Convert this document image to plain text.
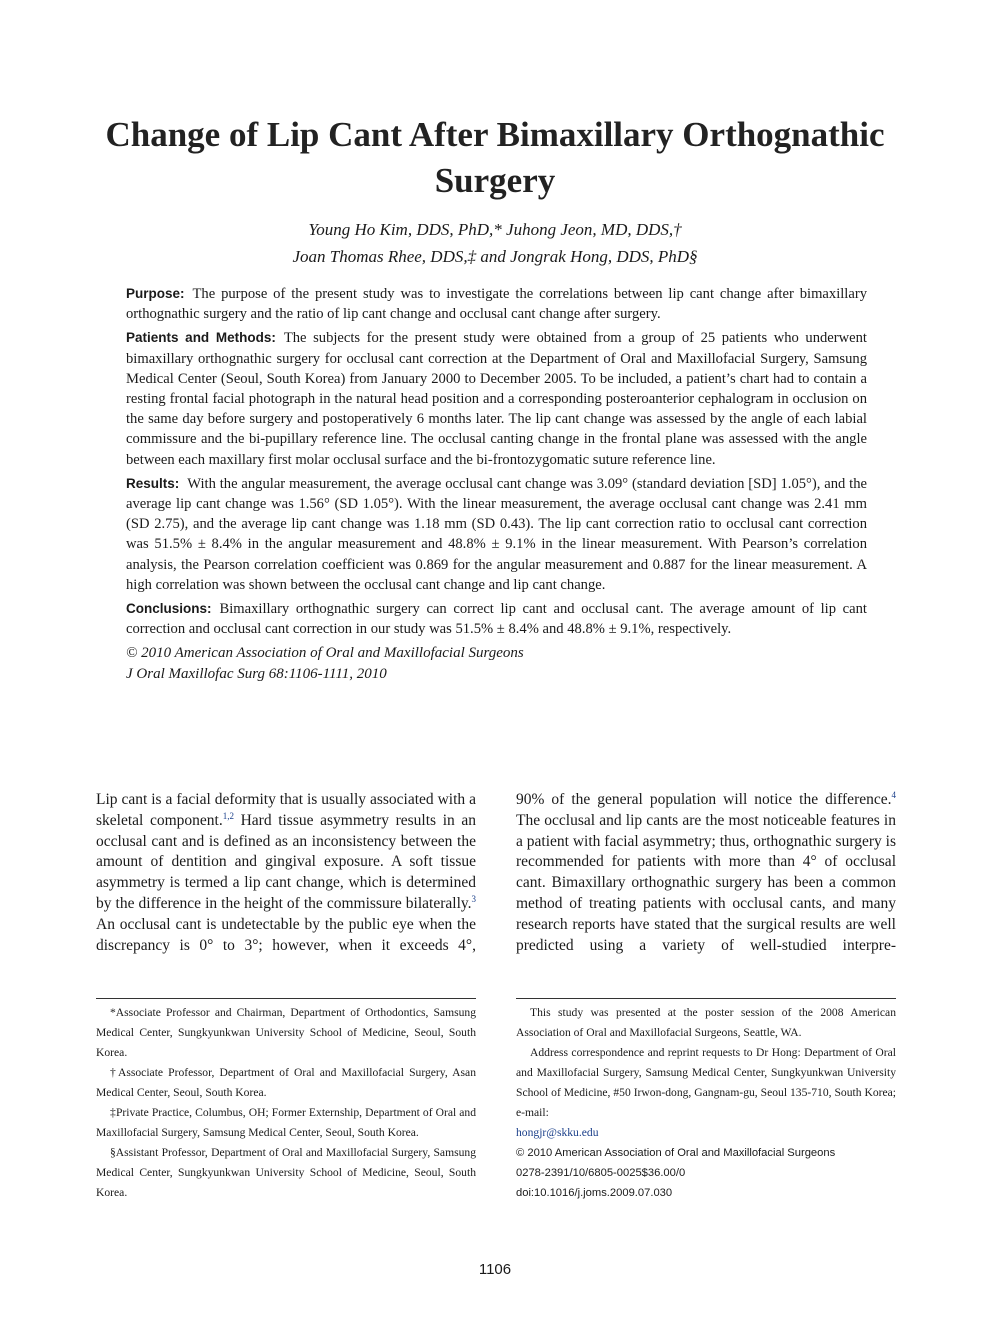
Change of Lip Cant After Bimaxillary Orthognathic Surgery
Young Ho Kim, DDS, PhD,* Juhong Jeon, MD, DDS,†
Joan Thomas Rhee, DDS,‡ and Jongrak Hong, DDS, PhD§

Purpose: The purpose of the present study was to investigate the correlations between lip cant change after bimaxillary orthognathic surgery and the ratio of lip cant change and occlusal cant change after surgery.

Patients and Methods: The subjects for the present study were obtained from a group of 25 patients who underwent bimaxillary orthognathic surgery for occlusal cant correction at the Department of Oral and Maxillofacial Surgery, Samsung Medical Center (Seoul, South Korea) from January 2000 to December 2005. To be included, a patient’s chart had to contain a resting frontal facial photograph in the natural head position and a corresponding posteroanterior cephalogram in occlusion on the same day before surgery and postoperatively 6 months later. The lip cant change was assessed by the angle of each labial commissure and the bi-pupillary reference line. The occlusal canting change in the frontal plane was assessed with the angle between each maxillary first molar occlusal surface and the bi-frontozygomatic suture reference line.

Results: With the angular measurement, the average occlusal cant change was 3.09° (standard deviation [SD] 1.05°), and the average lip cant change was 1.56° (SD 1.05°). With the linear measurement, the average occlusal cant change was 2.41 mm (SD 2.75), and the average lip cant change was 1.18 mm (SD 0.43). The lip cant correction ratio to occlusal cant correction was 51.5% ± 8.4% in the angular measurement and 48.8% ± 9.1% in the linear measurement. With Pearson’s correlation analysis, the Pearson correlation coefficient was 0.869 for the angular measurement and 0.887 for the linear measurement. A high correlation was shown between the occlusal cant change and lip cant change.

Conclusions: Bimaxillary orthognathic surgery can correct lip cant and occlusal cant. The average amount of lip cant correction and occlusal cant correction in our study was 51.5% ± 8.4% and 48.8% ± 9.1%, respectively.

© 2010 American Association of Oral and Maxillofacial Surgeons

J Oral Maxillofac Surg 68:1106-1111, 2010

Lip cant is a facial deformity that is usually associated with a skeletal component.$^{1,2}$ Hard tissue asymmetry results in an occlusal cant and is defined as an inconsistency between the amount of dentition and gingival exposure. A soft tissue asymmetry is termed a lip cant change, which is determined by the difference in the height of the commissure bilaterally.$^3$ An occlusal cant is undetectable by the public eye when the discrepancy is 0° to 3°; however, when it exceeds 4°,

90% of the general population will notice the difference.$^4$ The occlusal and lip cants are the most noticeable features in a patient with facial asymmetry; thus, orthognathic surgery is recommended for patients with more than 4° of occlusal cant. Bimaxillary orthognathic surgery has been a common method of treating patients with occlusal cants, and many research reports have stated that the surgical results are well predicted using a variety of well-studied interpre-

*Associate Professor and Chairman, Department of Orthodontics, Samsung Medical Center, Sungkyunkwan University School of Medicine, Seoul, South Korea.

†Associate Professor, Department of Oral and Maxillofacial Surgery, Asan Medical Center, Seoul, South Korea.

‡Private Practice, Columbus, OH; Former Externship, Department of Oral and Maxillofacial Surgery, Samsung Medical Center, Seoul, South Korea.

§Assistant Professor, Department of Oral and Maxillofacial Surgery, Samsung Medical Center, Sungkyunkwan University School of Medicine, Seoul, South Korea.

This study was presented at the poster session of the 2008 American Association of Oral and Maxillofacial Surgeons, Seattle, WA.

Address correspondence and reprint requests to Dr Hong: Department of Oral and Maxillofacial Surgery, Samsung Medical Center, Sungkyunkwan University School of Medicine, #50 Irwon-dong, Gangnam-gu, Seoul 135-710, South Korea; e-mail:

hongjr@skku.edu

© 2010 American Association of Oral and Maxillofacial Surgeons

0278-2391/10/6805-0025$36.00/0

doi:10.1016/j.joms.2009.07.030

1106
